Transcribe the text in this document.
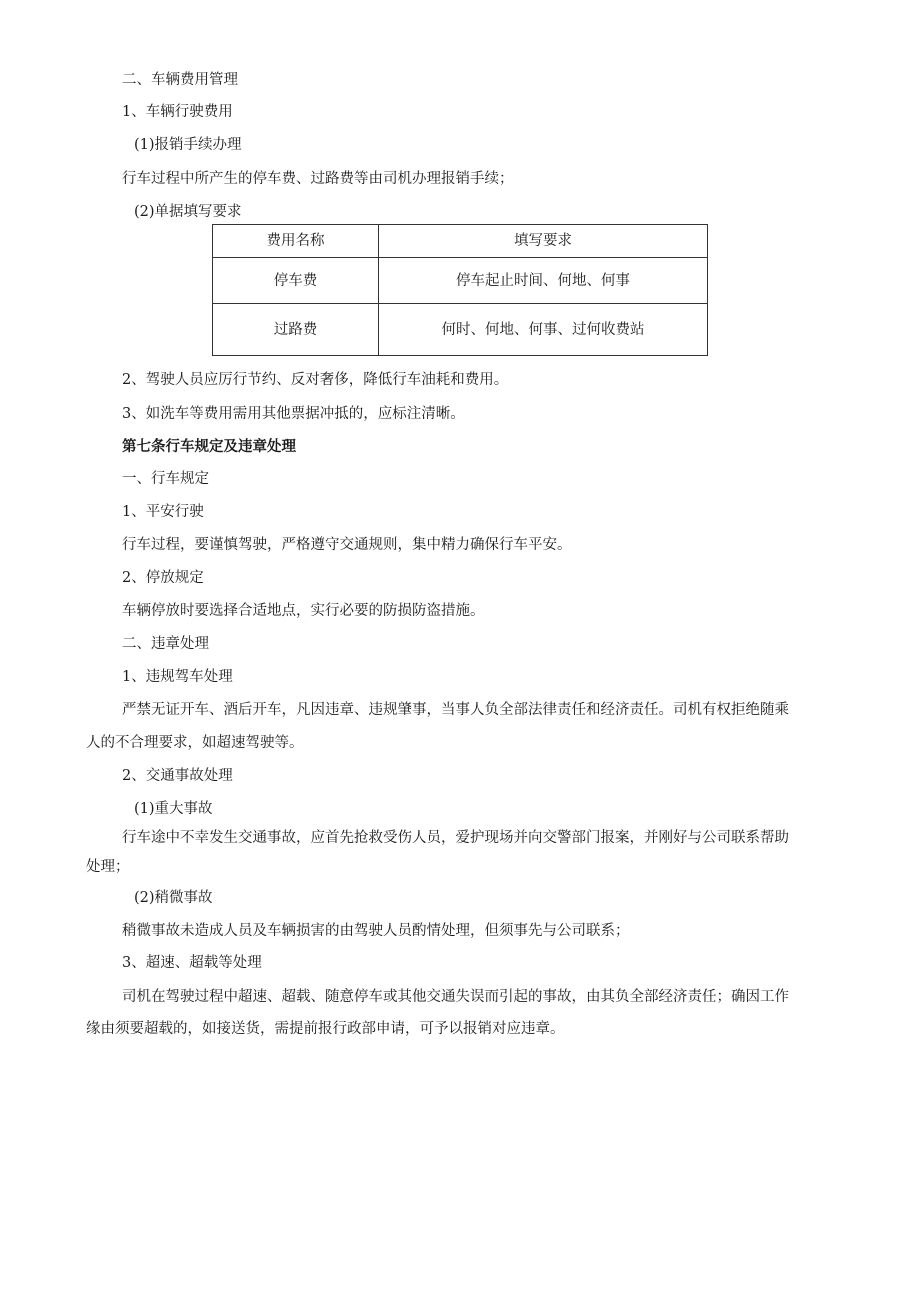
二、车辆费用管理
1、车辆行驶费用
(1)报销手续办理
行车过程中所产生的停车费、过路费等由司机办理报销手续；
(2)单据填写要求
费用名称	填写要求
停车费	停车起止时间、何地、何事
过路费	何时、何地、何事、过何收费站
2、驾驶人员应厉行节约、反对奢侈，降低行车油耗和费用。
3、如洗车等费用需用其他票据冲抵的，应标注清晰。
第七条行车规定及违章处理
一、行车规定
1、平安行驶
行车过程，要谨慎驾驶，严格遵守交通规则，集中精力确保行车平安。
2、停放规定
车辆停放时要选择合适地点，实行必要的防损防盗措施。
二、违章处理
1、违规驾车处理
严禁无证开车、酒后开车，凡因违章、违规肇事，当事人负全部法律责任和经济责任。司机有权拒绝随乘
人的不合理要求，如超速驾驶等。
2、交通事故处理
(1)重大事故
行车途中不幸发生交通事故，应首先抢救受伤人员，爱护现场并向交警部门报案，并刚好与公司联系帮助
处理；
(2)稍微事故
稍微事故未造成人员及车辆损害的由驾驶人员酌情处理，但须事先与公司联系；
3、超速、超载等处理
司机在驾驶过程中超速、超载、随意停车或其他交通失误而引起的事故，由其负全部经济责任；确因工作
缘由须要超载的，如接送货，需提前报行政部申请，可予以报销对应违章。
